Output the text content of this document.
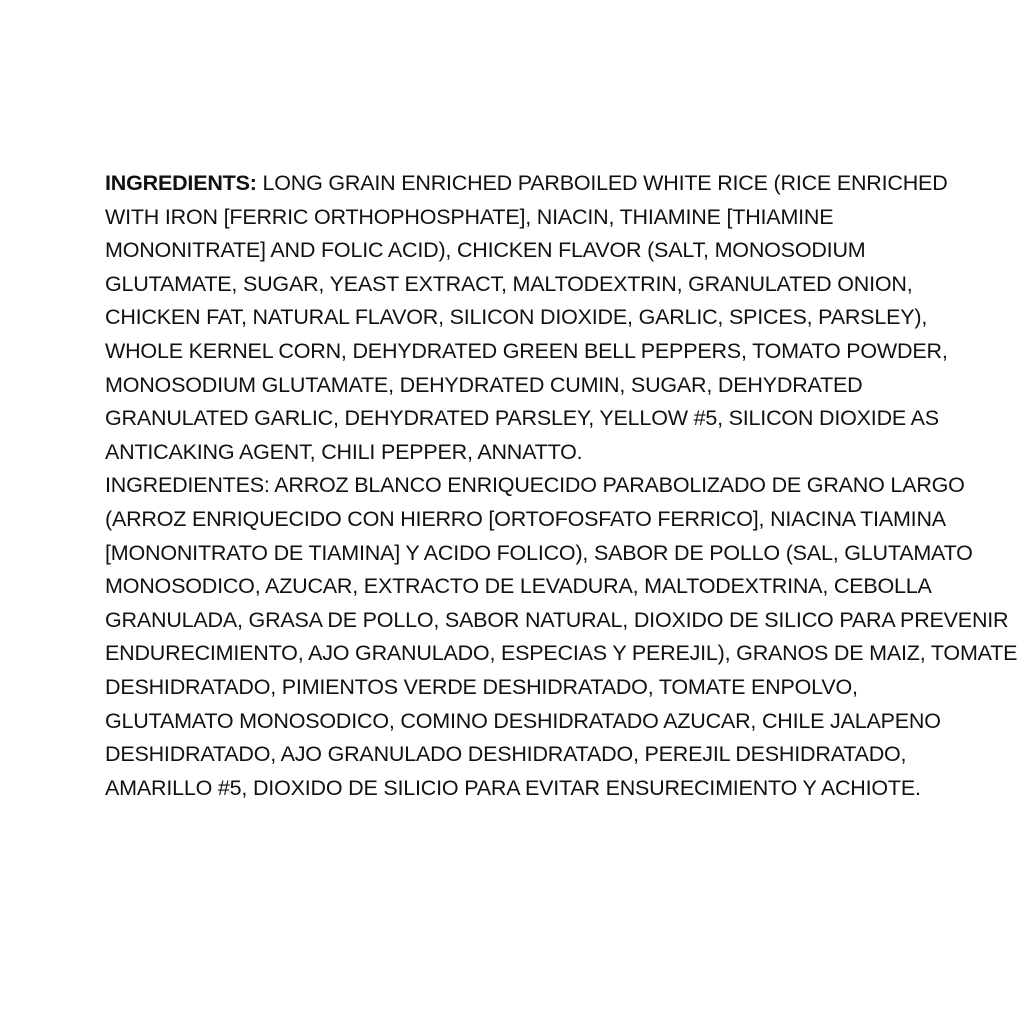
INGREDIENTS: LONG GRAIN ENRICHED PARBOILED WHITE RICE (RICE ENRICHED
WITH IRON [FERRIC ORTHOPHOSPHATE], NIACIN, THIAMINE [THIAMINE
MONONITRATE] AND FOLIC ACID), CHICKEN FLAVOR (SALT, MONOSODIUM
GLUTAMATE, SUGAR, YEAST EXTRACT, MALTODEXTRIN, GRANULATED ONION,
CHICKEN FAT, NATURAL FLAVOR, SILICON DIOXIDE, GARLIC, SPICES, PARSLEY),
WHOLE KERNEL CORN, DEHYDRATED GREEN BELL PEPPERS, TOMATO POWDER,
MONOSODIUM GLUTAMATE, DEHYDRATED CUMIN, SUGAR, DEHYDRATED
GRANULATED GARLIC, DEHYDRATED PARSLEY, YELLOW #5, SILICON DIOXIDE AS
ANTICAKING AGENT, CHILI PEPPER, ANNATTO.
INGREDIENTES: ARROZ BLANCO ENRIQUECIDO PARABOLIZADO DE GRANO LARGO
(ARROZ ENRIQUECIDO CON HIERRO [ORTOFOSFATO FERRICO], NIACINA TIAMINA
[MONONITRATO DE TIAMINA] Y ACIDO FOLICO), SABOR DE POLLO (SAL, GLUTAMATO
MONOSODICO, AZUCAR, EXTRACTO DE LEVADURA, MALTODEXTRINA, CEBOLLA
GRANULADA, GRASA DE POLLO, SABOR NATURAL, DIOXIDO DE SILICO PARA PREVENIR
ENDURECIMIENTO, AJO GRANULADO, ESPECIAS Y PEREJIL), GRANOS DE MAIZ, TOMATE
DESHIDRATADO, PIMIENTOS VERDE DESHIDRATADO, TOMATE ENPOLVO,
GLUTAMATO MONOSODICO, COMINO DESHIDRATADO AZUCAR, CHILE JALAPENO
DESHIDRATADO, AJO GRANULADO DESHIDRATADO, PEREJIL DESHIDRATADO,
AMARILLO #5, DIOXIDO DE SILICIO PARA EVITAR ENSURECIMIENTO Y ACHIOTE.
